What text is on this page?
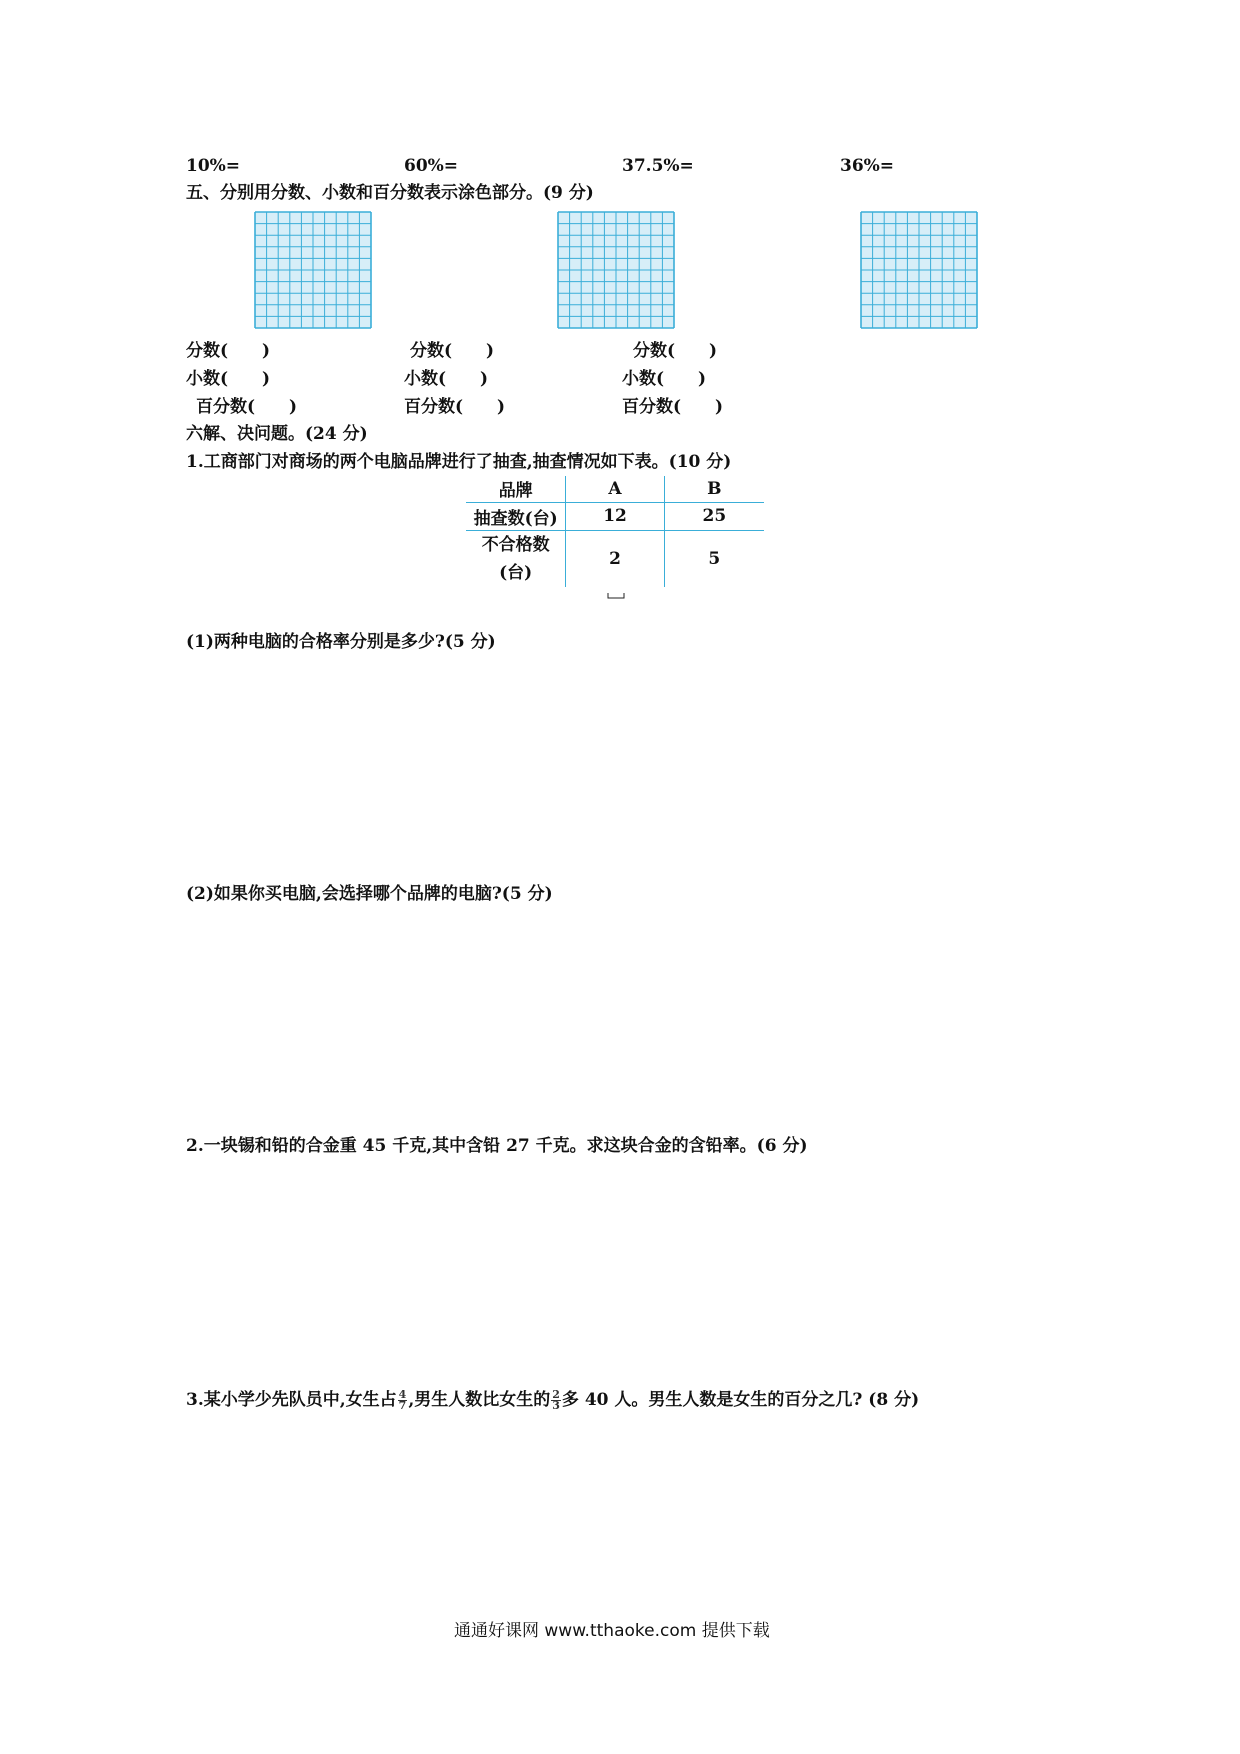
10%=	60%=	37.5%=	36%=
五、分别用分数、小数和百分数表示涂色部分。(9 分)
分数(　　)
小数(　　)
百分数(　　)
分数(　　)
小数(　　)
百分数(　　)
分数(　　)
小数(　　)
百分数(　　)
六解、决问题。(24 分)
1.工商部门对商场的两个电脑品牌进行了抽查,抽查情况如下表。(10 分)
品牌	A	B
抽查数(台)	12	25

不合格数
(台)	2	5
(1)两种电脑的合格率分别是多少?(5 分)
(2)如果你买电脑,会选择哪个品牌的电脑?(5 分)
2.一块锡和铅的合金重 45 千克,其中含铅 27 千克。求这块合金的含铅率。(6 分)
3.某小学少先队员中,女生占 $\frac{4}{7}$ ,男生人数比女生的 $\frac{2}{3}$ 多 40 人。男生人数是女生的百分之几? (8 分)
通通好课网 www.tthaoke.com 提供下载
